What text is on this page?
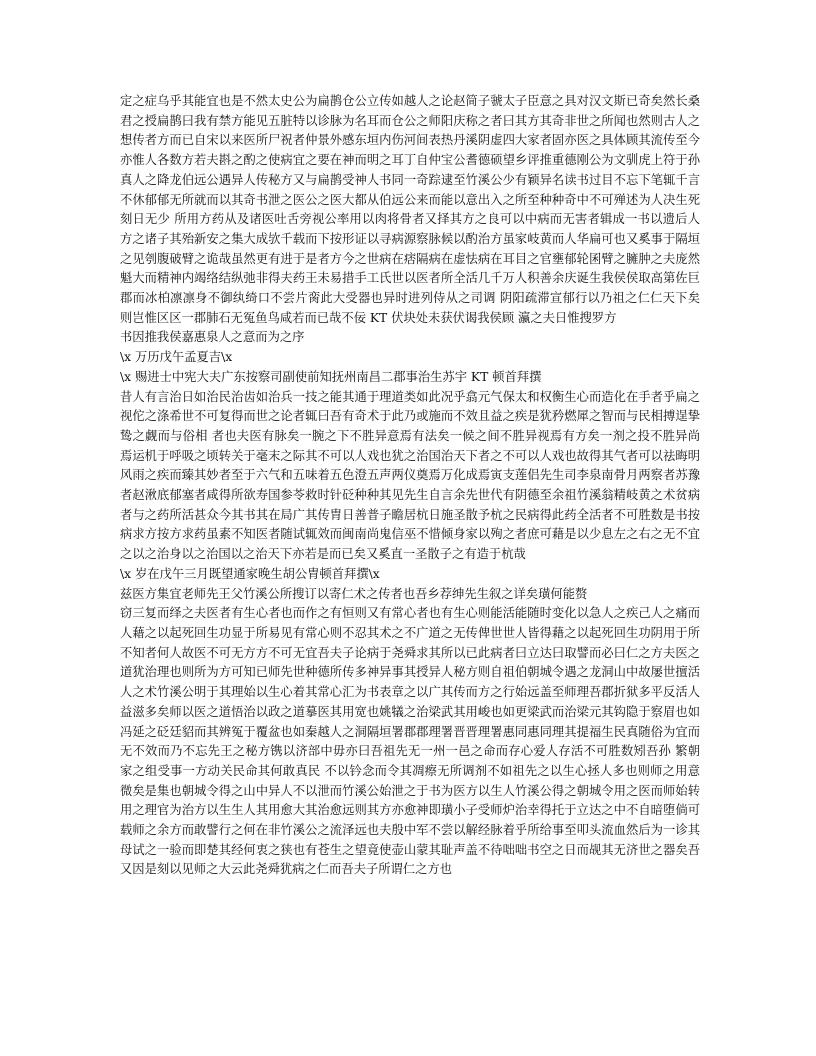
定之症乌乎其能宜也是不然太史公为扁鹊仓公立传如越人之论赵简子虢太子臣意之具对汉文斯已奇矣然长桑君之授扁鹊曰我有禁方能见五脏特以诊脉为名耳而仓公之师阳庆称之者曰其方其奇非世之所闻也然则古人之想传者方而已自宋以来医所尸祝者仲景外感东垣内伤河间表热丹溪阴虚四大家者固亦医之具体顾其流传至今亦惟人各数方若夫斟之酌之使病宜之要在神而明之耳丁自仲宝公耆德硕望乡评推重德刚公为文驯虎上符于孙真人之降龙伯远公遇异人传秘方又与扁鹊受神人书同一奇踪逮至竹溪公少有颖异名读书过目不忘下笔辄千言不休郁郁无所就而以其奇书泄之医公之医大都从伯远公来而能以意出入之所至种种奇中不可殚述为人决生死刻日无少 所用方药从及诸医吐舌旁视公率用以肉将骨者又择其方之良可以中病而无害者辑成一书以遗后人方之诸子其殆新安之集大成欤千载而下按形证以寻病源察脉候以酌治方虽家岐黄而人华扁可也又奚事于隔垣之见刳腹破臂之诡哉虽然更有进于是者方今之世病在痞隔病在虚怯病在耳目之官壅郁轮囷臂之臃肿之夫庞然魁大而精神内竭络结纵弛非得夫药王未易措手工氏世以医者所全活几千万人积善余庆诞生我侯侯取高第佐巨郡而冰柏凛凛身不御纨绮口不尝片脔此大受器也异时进列侍从之司调 阴阳疏滞宣郁行以乃祖之仁仁天下矣则岂惟区区一郡肺石无冤鱼鸟咸若而已哉不佞 KT 伏块处未获伏谒我侯顾 瀛之夫日惟搜罗方

书因推我侯嘉惠泉人之意而为之序

\x 万历戊午孟夏吉\x

\x 赐进士中宪大夫广东按察司副使前知抚州南昌二郡事治生苏宇 KT 顿首拜撰

昔人有言治日如治民治齿如治兵一技之能其通于理道类如此况乎翕元气保太和权衡生心而造化在手者乎扁之视佗之涤希世不可复得而世之论者辄曰吾有奇术于此乃或施而不效且益之疾是犹矜燃犀之智而与民相搏逞挚鸷之觑而与俗相 者也夫医有脉矣一腕之下不胜异意焉有法矣一候之间不胜异视焉有方矣一剂之投不胜异尚焉运机于呼吸之顷转关于毫末之际其不可以人戏也犹之治国治天下者之不可以人戏也故得其气者可以祛晦明风雨之疾而臻其妙者至于六气和五味着五色澄五声两仪奠焉万化成焉寅支莲侣先生司李泉南骨月两察者苏豫者赵湫底郁塞者咸得所欲寿国参苓救时针砭种种其见先生自言余先世代有阴德至余祖竹溪翁精岐黄之术贫病者与之药所活甚众今其书其在局广其传胄日善普子瞻居杭日施圣散予杭之民病得此药全活者不可胜数是书按病求方按方求药虽素不知医者随试辄效而闽南尚鬼信巫不惜倾身家以殉之者庶可藉是以少息左之右之无不宜之以之治身以之治国以之治天下亦若是而已矣又奚直一圣散子之有造于杭哉

\x 岁在戊午三月既望通家晚生胡公胄顿首拜撰\x

兹医方集宜老师先王父竹溪公所搜订以寄仁术之传者也吾乡荐绅先生叙之详矣璜何能赘

窃三复而绎之夫医者有生心者也而作之有恒则又有常心者也有生心则能活能随时变化以急人之疾己人之痛而人藉之以起死回生功显于所易见有常心则不忍其术之不广道之无传俾世世人皆得藉之以起死回生功阴用于所不知者何人故医不可无方方不可无宜吾夫子论病于尧舜求其所以已此病者曰立达曰取譬而必曰仁之方夫医之道犹治理也则所为方可知已师先世种德所传多神异事其授异人秘方则自祖伯朝城令遇之龙洞山中故屡世擅活人之术竹溪公明于其理始以生心着其常心汇为书表章之以广其传而方之行始远盖至师理吾郡折狱多平反活人益滋多矣师以医之道悟治以政之道摹医其用宽也姚犠之治梁武其用峻也如更梁武而治梁元其钩隐于察眉也如冯延之砭廷貂而其辨冤于覆盆也如秦越人之洞隔垣署郡郡理署晋晋理署惠同惠同理其提福生民真随俗为宜而无不效而乃不忘先王之秘方镌以济部中毋亦曰吾祖先无一州一邑之命而存心爱人存活不可胜数矧吾孙 繁朝家之组受事一方动关民命其何敢真民 不以钤念而令其凋瘵无所调剂不如祖先之以生心拯人多也则师之用意微矣是集也朝城令得之山中异人不以泄而竹溪公始泄之于书为医方以生人竹溪公得之朝城令用之医而师始转用之理官为治方以生生人其用愈大其治愈远则其方亦愈神即璜小子受师炉治幸得托于立达之中不自暗堕倘可载师之余方而敢譬行之何在非竹溪公之流泽远也夫殷中军不尝以解经脉着乎所给事至叩头流血然后为一诊其母试之一验而即楚其经何衷之狭也有苍生之望竟使壶山蒙其耻声盖不待咄咄书空之日而觇其无济世之器矣吾又因是刻以见师之大云此尧舜犹病之仁而吾夫子所谓仁之方也
